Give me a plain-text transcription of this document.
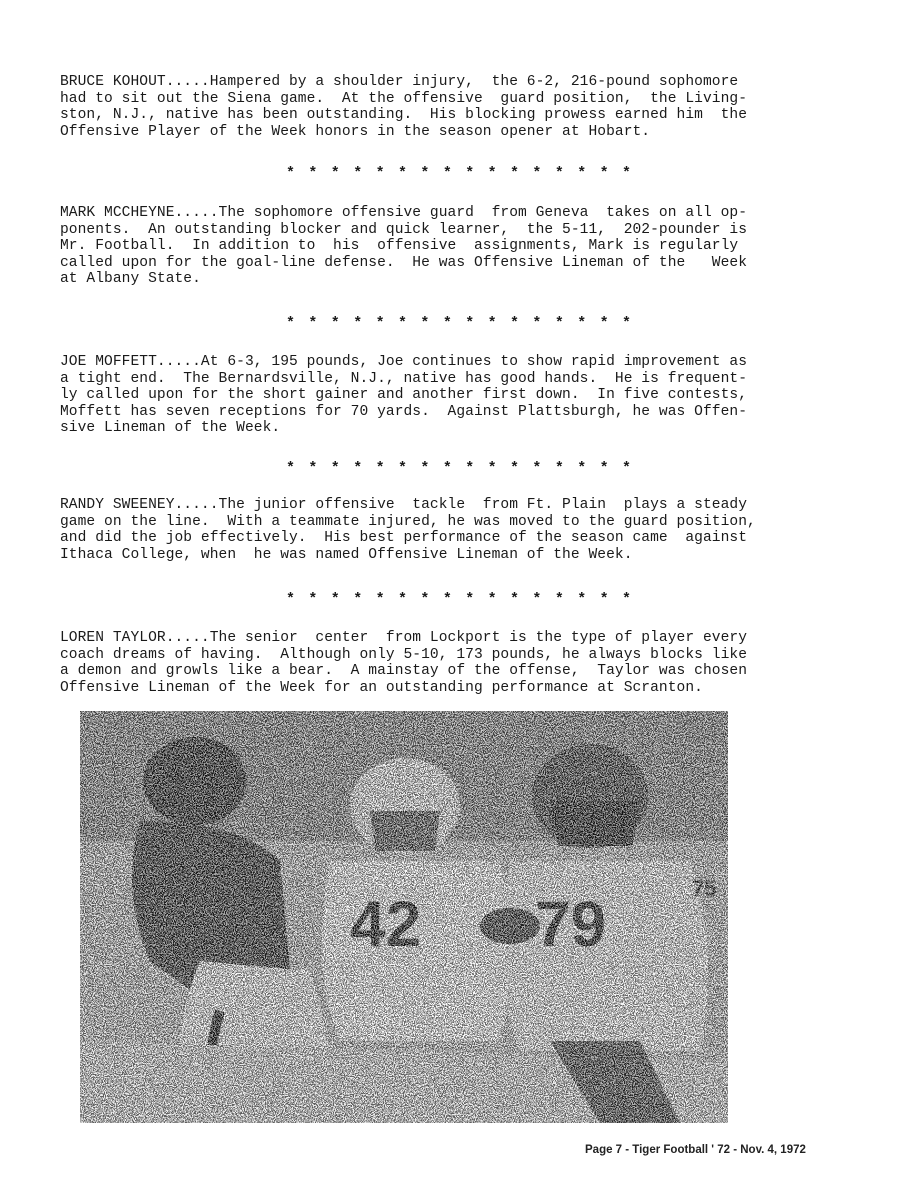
BRUCE KOHOUT.....Hampered by a shoulder injury,  the 6-2, 216-pound sophomore
had to sit out the Siena game.  At the offensive  guard position,  the Living-
ston, N.J., native has been outstanding.  His blocking prowess earned him  the
Offensive Player of the Week honors in the season opener at Hobart.
* * * * * * * * * * * * * * * *
MARK MCCHEYNE.....The sophomore offensive guard  from Geneva  takes on all op-
ponents.  An outstanding blocker and quick learner,  the 5-11,  202-pounder is
Mr. Football.  In addition to  his  offensive  assignments, Mark is regularly
called upon for the goal-line defense.  He was Offensive Lineman of the   Week
at Albany State.
* * * * * * * * * * * * * * * *
JOE MOFFETT.....At 6-3, 195 pounds, Joe continues to show rapid improvement as
a tight end.  The Bernardsville, N.J., native has good hands.  He is frequent-
ly called upon for the short gainer and another first down.  In five contests,
Moffett has seven receptions for 70 yards.  Against Plattsburgh, he was Offen-
sive Lineman of the Week.
* * * * * * * * * * * * * * * *
RANDY SWEENEY.....The junior offensive  tackle  from Ft. Plain  plays a steady
game on the line.  With a teammate injured, he was moved to the guard position,
and did the job effectively.  His best performance of the season came  against
Ithaca College, when  he was named Offensive Lineman of the Week.
* * * * * * * * * * * * * * * *
LOREN TAYLOR.....The senior  center  from Lockport is the type of player every
coach dreams of having.  Although only 5-10, 173 pounds, he always blocks like
a demon and growls like a bear.  A mainstay of the offense,  Taylor was chosen
Offensive Lineman of the Week for an outstanding performance at Scranton.
Page 7 - Tiger Football ' 72 - Nov. 4, 1972
